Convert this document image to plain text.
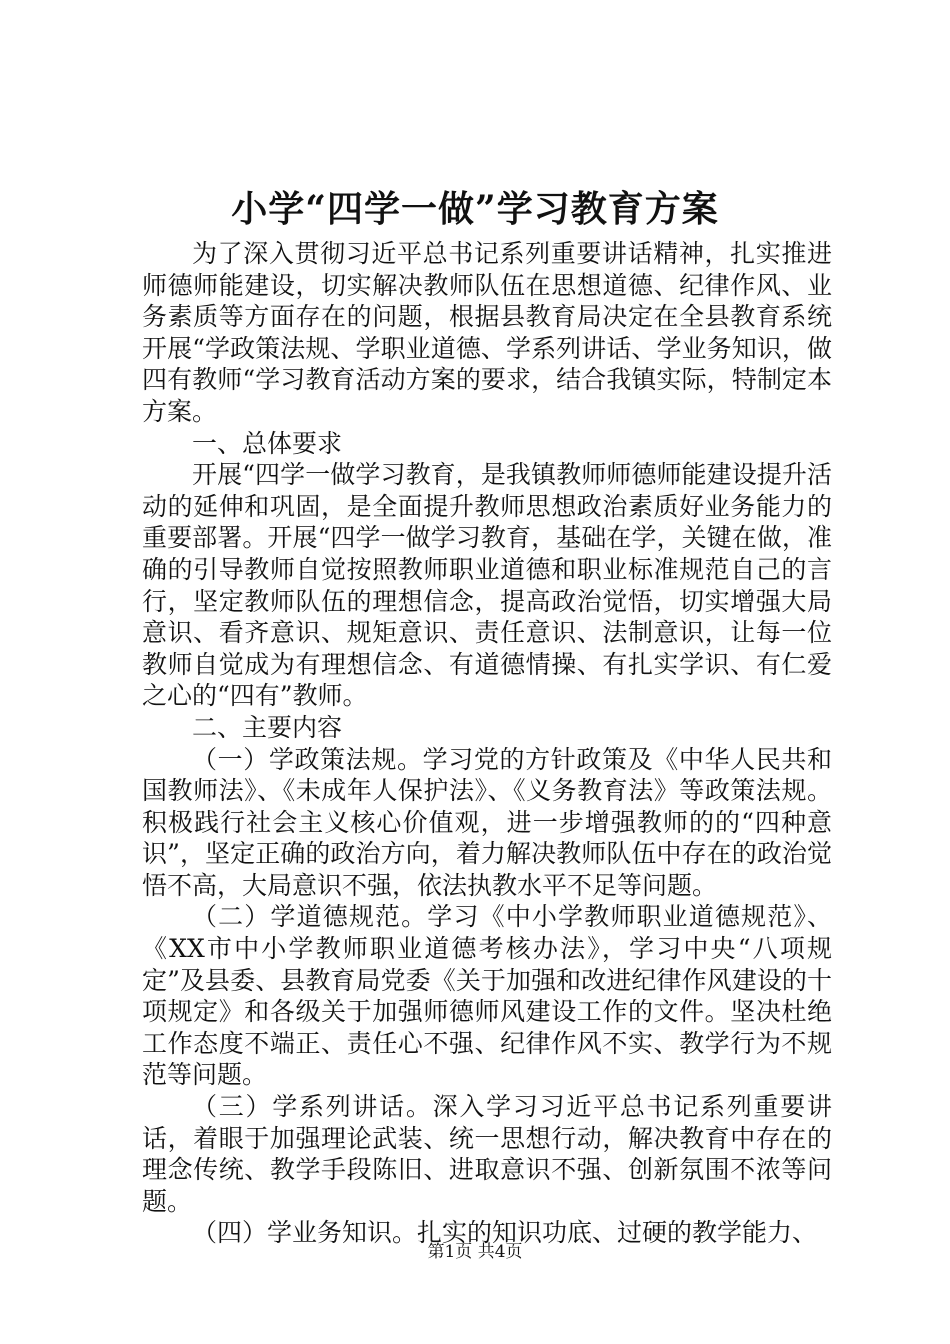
小学“四学一做”学习教育方案

为了深入贯彻习近平总书记系列重要讲话精神，扎实推进师德师能建设，切实解决教师队伍在思想道德、纪律作风、业务素质等方面存在的问题，根据县教育局决定在全县教育系统开展“学政策法规、学职业道德、学系列讲话、学业务知识，做四有教师“学习教育活动方案的要求，结合我镇实际，特制定本方案。

一、总体要求

开展“四学一做学习教育，是我镇教师师德师能建设提升活动的延伸和巩固，是全面提升教师思想政治素质好业务能力的重要部署。开展“四学一做学习教育，基础在学，关键在做，准确的引导教师自觉按照教师职业道德和职业标准规范自己的言行，坚定教师队伍的理想信念，提高政治觉悟，切实增强大局意识、看齐意识、规矩意识、责任意识、法制意识，让每一位教师自觉成为有理想信念、有道德情操、有扎实学识、有仁爱之心的“四有”教师。

二、主要内容

（一）学政策法规。学习党的方针政策及《中华人民共和国教师法》、《未成年人保护法》、《义务教育法》等政策法规。积极践行社会主义核心价值观，进一步增强教师的的“四种意识”，坚定正确的政治方向，着力解决教师队伍中存在的政治觉悟不高，大局意识不强，依法执教水平不足等问题。

（二）学道德规范。学习《中小学教师职业道德规范》、《XX市中小学教师职业道德考核办法》，学习中央“八项规定”及县委、县教育局党委《关于加强和改进纪律作风建设的十项规定》和各级关于加强师德师风建设工作的文件。坚决杜绝工作态度不端正、责任心不强、纪律作风不实、教学行为不规范等问题。

（三）学系列讲话。深入学习习近平总书记系列重要讲话，着眼于加强理论武装、统一思想行动，解决教育中存在的理念传统、教学手段陈旧、进取意识不强、创新氛围不浓等问题。

（四）学业务知识。扎实的知识功底、过硬的教学能力、

第1页 共4页
